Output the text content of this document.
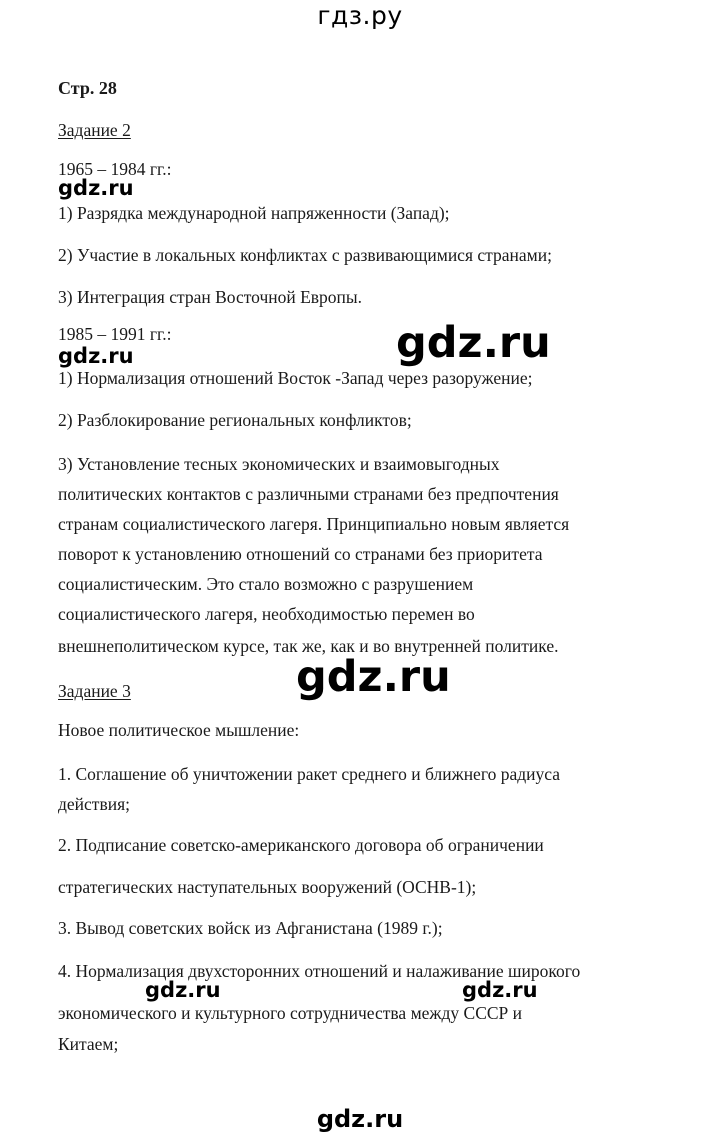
гдз.ру
Стр. 28
Задание 2
1965 – 1984 гг.:
1) Разрядка международной напряженности (Запад);
2) Участие в локальных конфликтах с развивающимися странами;
3) Интеграция стран Восточной Европы.
1985 – 1991 гг.:
1) Нормализация отношений Восток -Запад через разоружение;
2) Разблокирование региональных конфликтов;
3) Установление тесных экономических и взаимовыгодных
политических контактов с различными странами без предпочтения
странам социалистического лагеря. Принципиально новым является
поворот к установлению отношений со странами без приоритета
социалистическим. Это стало возможно с разрушением
социалистического лагеря, необходимостью перемен во
внешнеполитическом курсе, так же, как и во внутренней политике.
Задание 3
Новое политическое мышление:
1. Соглашение об уничтожении ракет среднего и ближнего радиуса
действия;
2. Подписание советско-американского договора об ограничении
стратегических наступательных вооружений (ОСНВ-1);
3. Вывод советских войск из Афганистана (1989 г.);
4. Нормализация двухсторонних отношений и налаживание широкого
экономического и культурного сотрудничества между СССР и
Китаем;
gdz.ru
gdz.ru	gdz.ru
gdz.ru
gdz.ru	gdz.ru
gdz.ru
